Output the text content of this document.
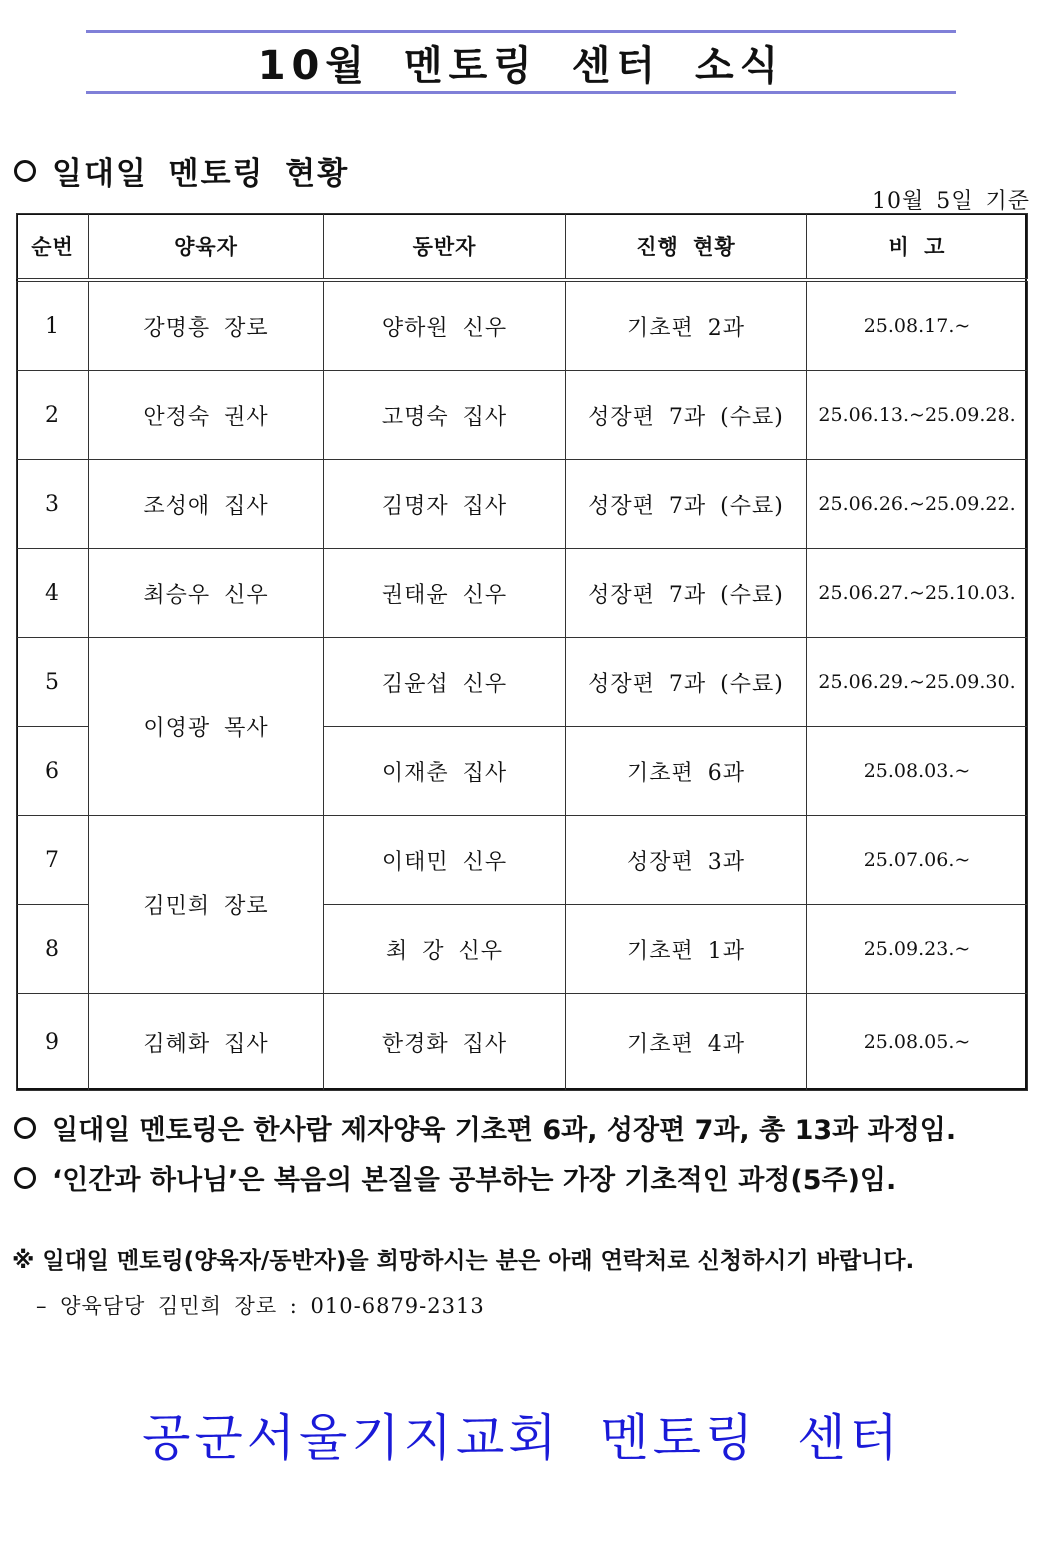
10월 멘토링 센터 소식
일대일 멘토링 현황
10월 5일 기준
순번	양육자	동반자	진행 현황	비 고
1	강명흥 장로	양하원 신우	기초편 2과	25.08.17.~
2	안정숙 권사	고명숙 집사	성장편 7과 (수료)	25.06.13.~25.09.28.
3	조성애 집사	김명자 집사	성장편 7과 (수료)	25.06.26.~25.09.22.
4	최승우 신우	권태윤 신우	성장편 7과 (수료)	25.06.27.~25.10.03.
5	이영광 목사	김윤섭 신우	성장편 7과 (수료)	25.06.29.~25.09.30.
6		이재춘 집사	기초편 6과	25.08.03.~
7	김민희 장로	이태민 신우	성장편 3과	25.07.06.~
8		최 강 신우	기초편 1과	25.09.23.~
9	김혜화 집사	한경화 집사	기초편 4과	25.08.05.~
일대일 멘토링은 한사람 제자양육 기초편 6과, 성장편 7과, 총 13과 과정임.
‘인간과 하나님’은 복음의 본질을 공부하는 가장 기초적인 과정(5주)임.
※ 일대일 멘토링(양육자/동반자)을 희망하시는 분은 아래 연락처로 신청하시기 바랍니다.
– 양육담당 김민희 장로 : 010-6879-2313
공군서울기지교회 멘토링 센터
